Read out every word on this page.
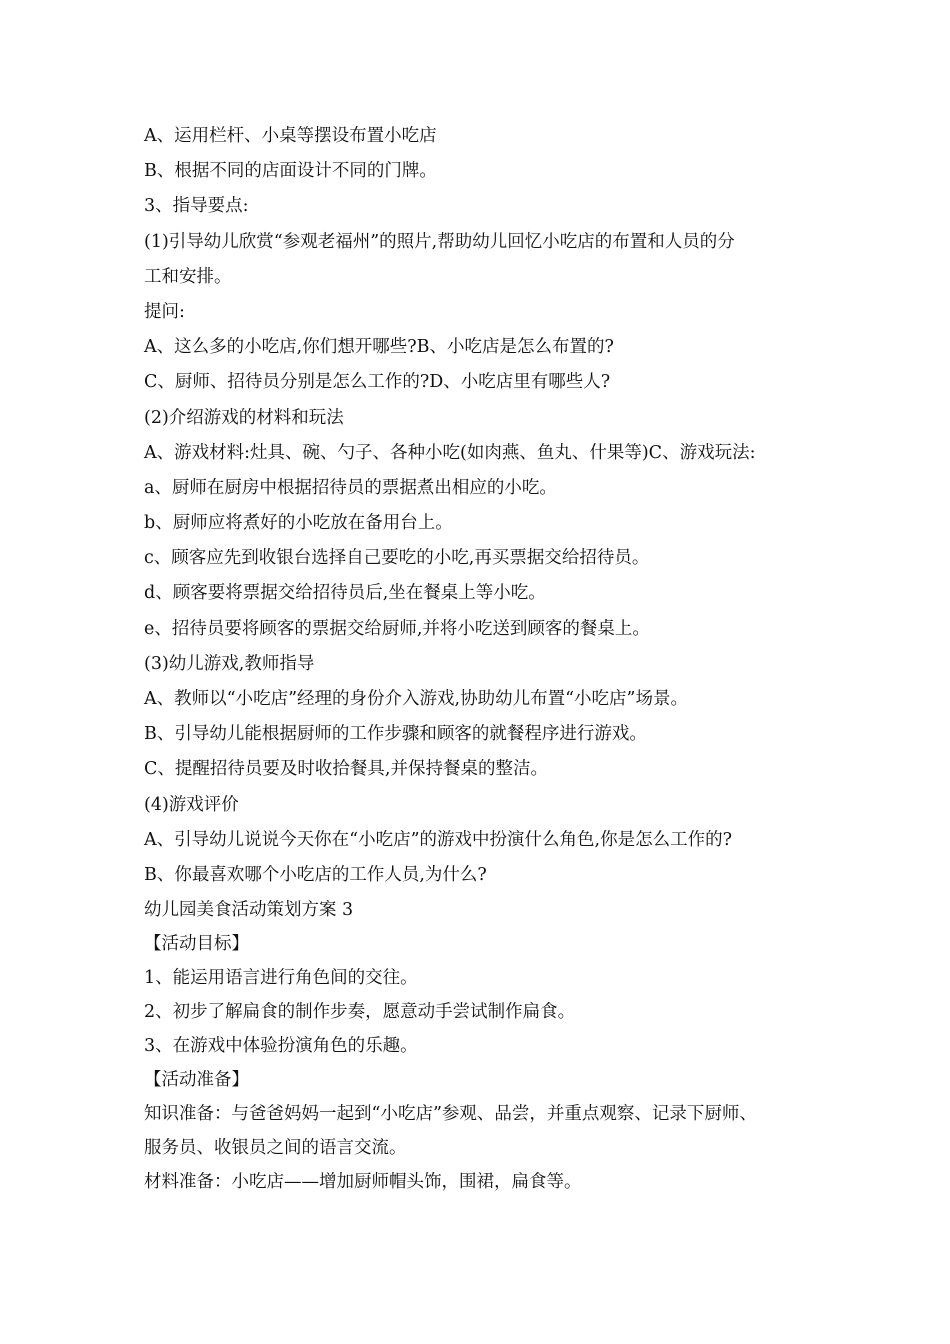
A、运用栏杆、小桌等摆设布置小吃店
B、根据不同的店面设计不同的门牌。
3、指导要点:
(1)引导幼儿欣赏“参观老福州”的照片,帮助幼儿回忆小吃店的布置和人员的分
工和安排。
提问:
A、这么多的小吃店,你们想开哪些?B、小吃店是怎么布置的?
C、厨师、招待员分别是怎么工作的?D、小吃店里有哪些人?
(2)介绍游戏的材料和玩法
A、游戏材料:灶具、碗、勺子、各种小吃(如肉燕、鱼丸、什果等)C、游戏玩法:
a、厨师在厨房中根据招待员的票据煮出相应的小吃。
b、厨师应将煮好的小吃放在备用台上。
c、顾客应先到收银台选择自己要吃的小吃,再买票据交给招待员。
d、顾客要将票据交给招待员后,坐在餐桌上等小吃。
e、招待员要将顾客的票据交给厨师,并将小吃送到顾客的餐桌上。
(3)幼儿游戏,教师指导
A、教师以“小吃店”经理的身份介入游戏,协助幼儿布置“小吃店”场景。
B、引导幼儿能根据厨师的工作步骤和顾客的就餐程序进行游戏。
C、提醒招待员要及时收拾餐具,并保持餐桌的整洁。
(4)游戏评价
A、引导幼儿说说今天你在“小吃店”的游戏中扮演什么角色,你是怎么工作的?
B、你最喜欢哪个小吃店的工作人员,为什么?
幼儿园美食活动策划方案 3
【活动目标】
1、能运用语言进行角色间的交往。
2、初步了解扁食的制作步奏，愿意动手尝试制作扁食。
3、在游戏中体验扮演角色的乐趣。
【活动准备】
知识准备：与爸爸妈妈一起到“小吃店”参观、品尝，并重点观察、记录下厨师、
服务员、收银员之间的语言交流。
材料准备：小吃店——增加厨师帽头饰，围裙，扁食等。
